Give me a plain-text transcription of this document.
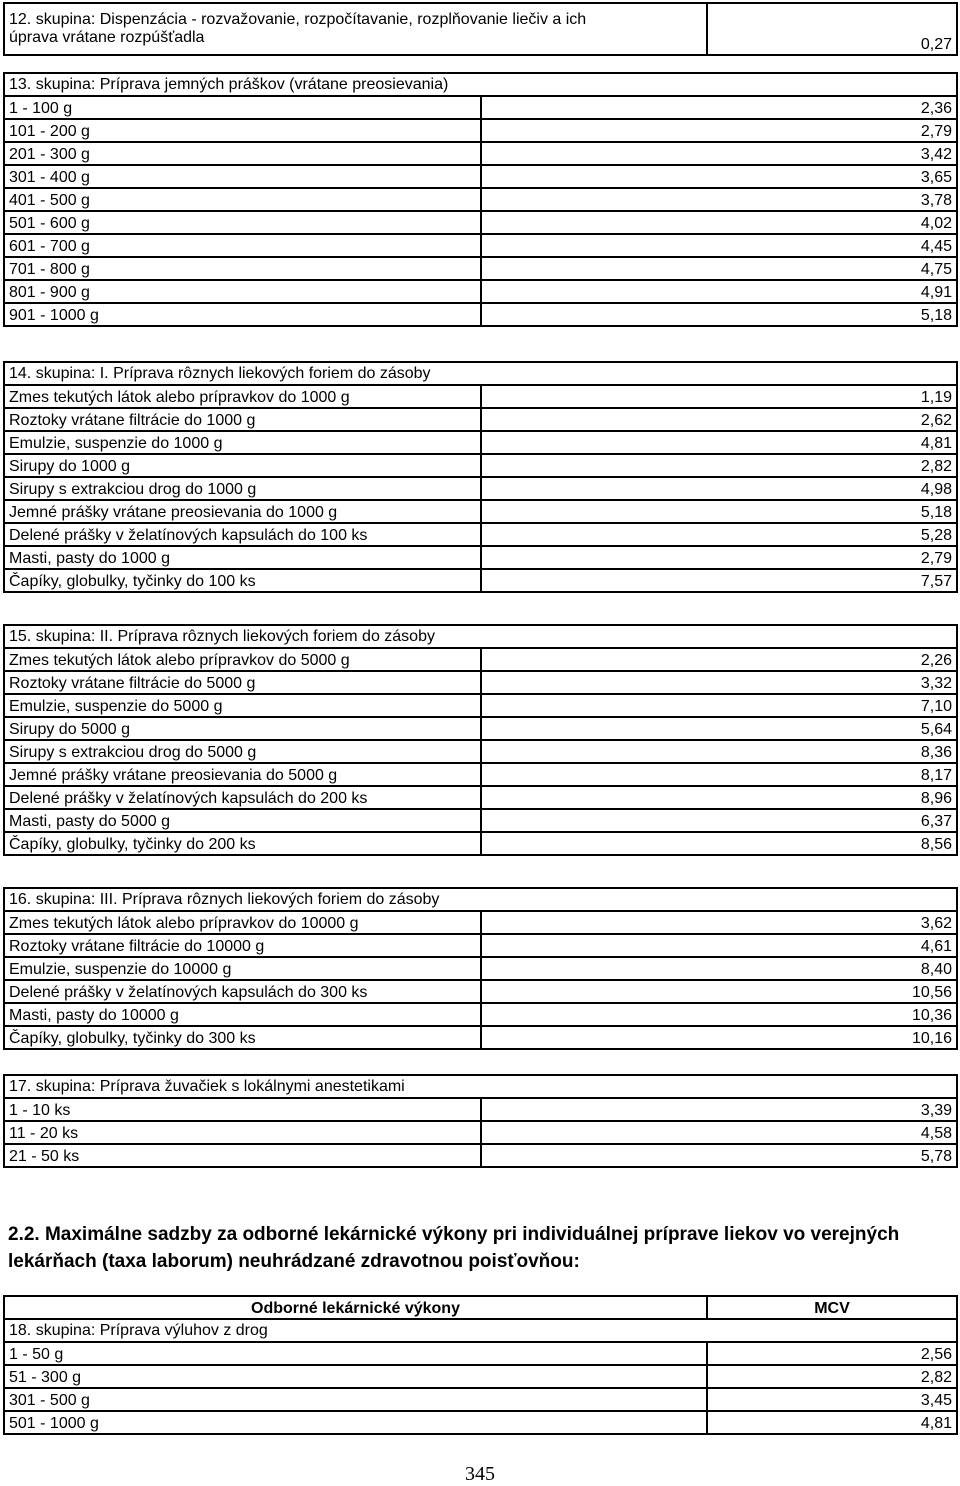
12. skupina: Dispenzácia - rozvažovanie, rozpočítavanie, rozplňovanie liečiv a ich
úprava vrátane rozpúšťadla	0,27
13. skupina: Príprava jemných práškov (vrátane preosievania)	
1 - 100 g	2,36
101 - 200 g	2,79
201 - 300 g	3,42
301 - 400 g	3,65
401 - 500 g	3,78
501 - 600 g	4,02
601 - 700 g	4,45
701 - 800 g	4,75
801 - 900 g	4,91
901 - 1000 g	5,18
14. skupina: I. Príprava rôznych liekových foriem do zásoby	
Zmes tekutých látok alebo prípravkov do 1000 g	1,19
Roztoky vrátane filtrácie do 1000 g	2,62
Emulzie, suspenzie do 1000 g	4,81
Sirupy do 1000 g	2,82
Sirupy s extrakciou drog do 1000 g	4,98
Jemné prášky vrátane preosievania do 1000 g	5,18
Delené prášky v želatínových kapsulách do 100 ks	5,28
Masti, pasty do 1000 g	2,79
Čapíky, globulky, tyčinky do 100 ks	7,57
15. skupina: II. Príprava rôznych liekových foriem do zásoby	
Zmes tekutých látok alebo prípravkov do 5000 g	2,26
Roztoky vrátane filtrácie do 5000 g	3,32
Emulzie, suspenzie do 5000 g	7,10
Sirupy do 5000 g	5,64
Sirupy s extrakciou drog do 5000 g	8,36
Jemné prášky vrátane preosievania do 5000 g	8,17
Delené prášky v želatínových kapsulách do 200 ks	8,96
Masti, pasty do 5000 g	6,37
Čapíky, globulky, tyčinky do 200 ks	8,56
16. skupina: III. Príprava rôznych liekových foriem do zásoby	
Zmes tekutých látok alebo prípravkov do 10000 g	3,62
Roztoky vrátane filtrácie do 10000 g	4,61
Emulzie, suspenzie do 10000 g	8,40
Delené prášky v želatínových kapsulách do 300 ks	10,56
Masti, pasty do 10000 g	10,36
Čapíky, globulky, tyčinky do 300 ks	10,16
17. skupina: Príprava žuvačiek s lokálnymi anestetikami	
1 - 10 ks	3,39
11 - 20 ks	4,58
21 - 50 ks	5,78
2.2. Maximálne sadzby za odborné lekárnické výkony pri individuálnej príprave liekov vo verejných lekárňach (taxa laborum) neuhrádzané zdravotnou poisťovňou:
Odborné lekárnické výkony	MCV
18. skupina: Príprava výluhov z drog	
1 - 50 g	2,56
51 - 300 g	2,82
301 - 500 g	3,45
501 - 1000 g	4,81
345
